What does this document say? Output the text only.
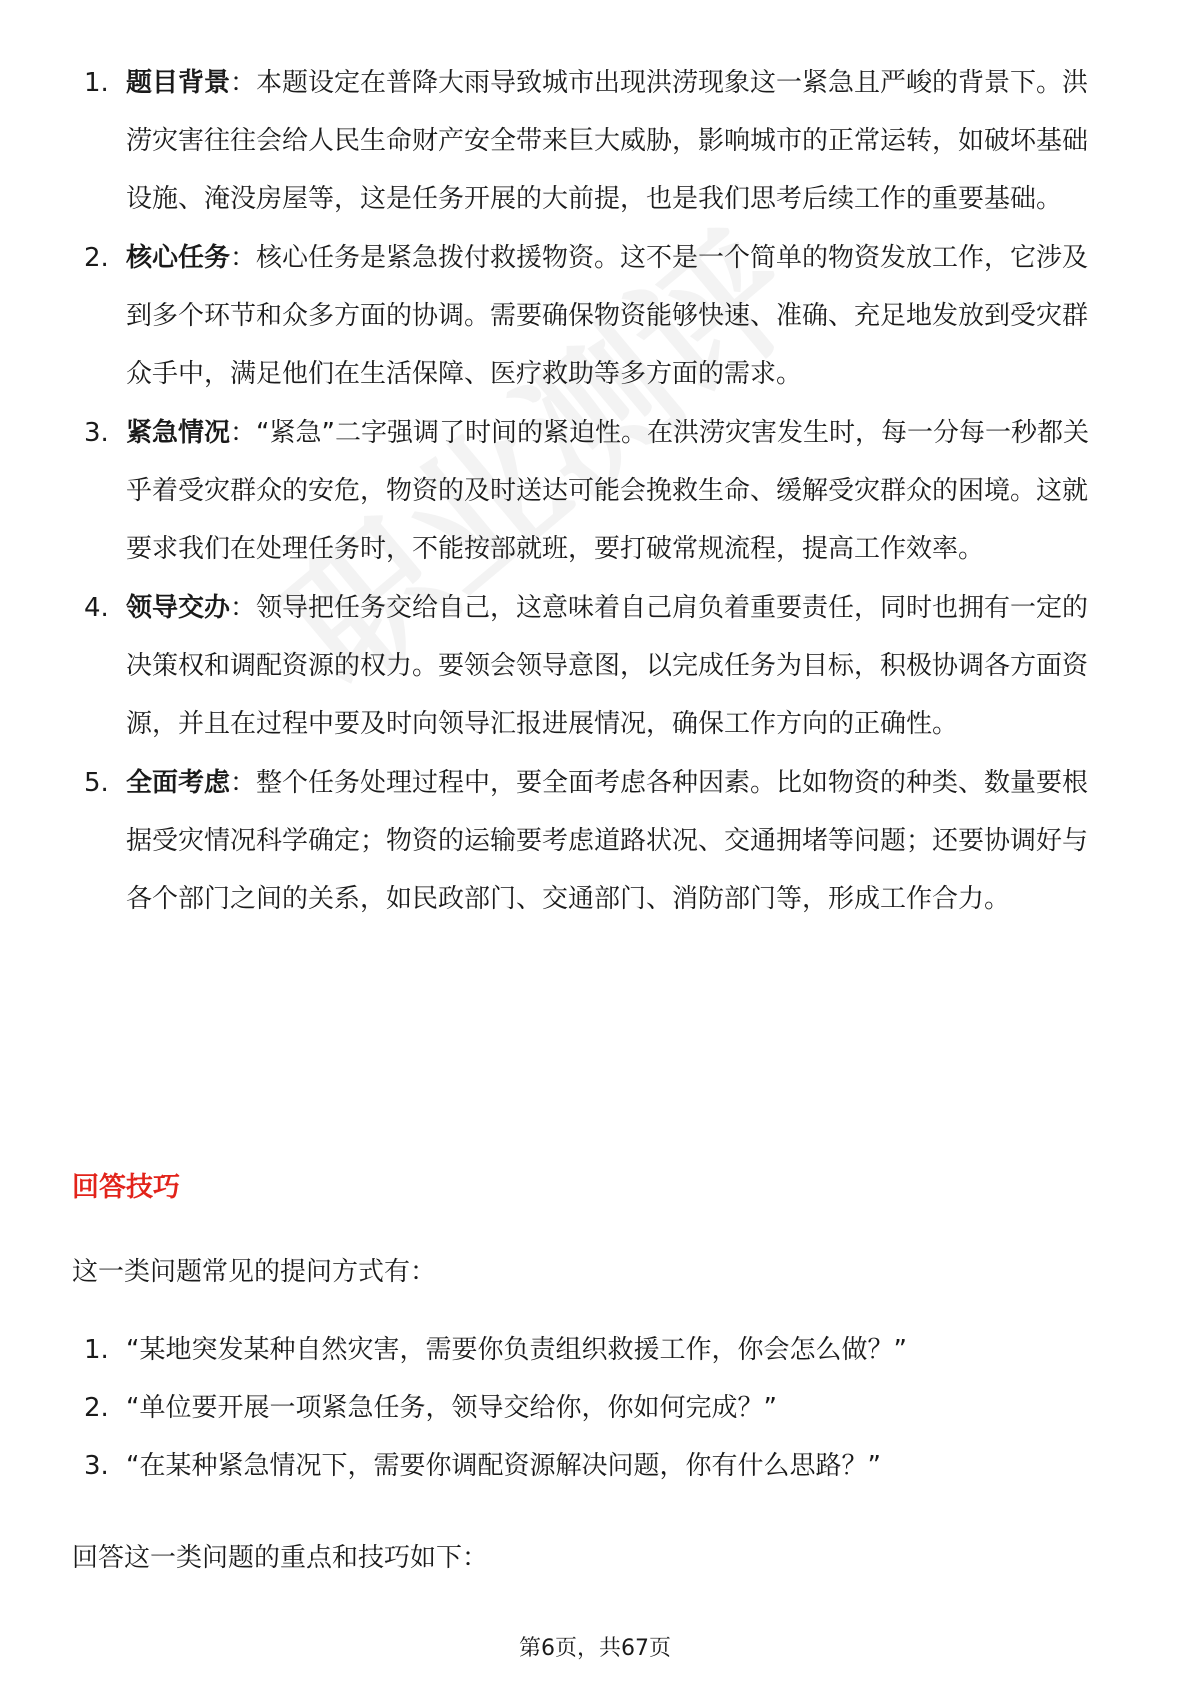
1. 题目背景：本题设定在普降大雨导致城市出现洪涝现象这一紧急且严峻的背景下。洪涝灾害往往会给人民生命财产安全带来巨大威胁，影响城市的正常运转，如破坏基础设施、淹没房屋等，这是任务开展的大前提，也是我们思考后续工作的重要基础。
2. 核心任务：核心任务是紧急拨付救援物资。这不是一个简单的物资发放工作，它涉及到多个环节和众多方面的协调。需要确保物资能够快速、准确、充足地发放到受灾群众手中，满足他们在生活保障、医疗救助等多方面的需求。
3. 紧急情况：“紧急”二字强调了时间的紧迫性。在洪涝灾害发生时，每一分每一秒都关乎着受灾群众的安危，物资的及时送达可能会挽救生命、缓解受灾群众的困境。这就要求我们在处理任务时，不能按部就班，要打破常规流程，提高工作效率。
4. 领导交办：领导把任务交给自己，这意味着自己肩负着重要责任，同时也拥有一定的决策权和调配资源的权力。要领会领导意图，以完成任务为目标，积极协调各方面资源，并且在过程中要及时向领导汇报进展情况，确保工作方向的正确性。
5. 全面考虑：整个任务处理过程中，要全面考虑各种因素。比如物资的种类、数量要根据受灾情况科学确定；物资的运输要考虑道路状况、交通拥堵等问题；还要协调好与各个部门之间的关系，如民政部门、交通部门、消防部门等，形成工作合力。
回答技巧
这一类问题常见的提问方式有：
1. “某地突发某种自然灾害，需要你负责组织救援工作，你会怎么做？”
2. “单位要开展一项紧急任务，领导交给你，你如何完成？”
3. “在某种紧急情况下，需要你调配资源解决问题，你有什么思路？”
回答这一类问题的重点和技巧如下：
第6页，共67页
